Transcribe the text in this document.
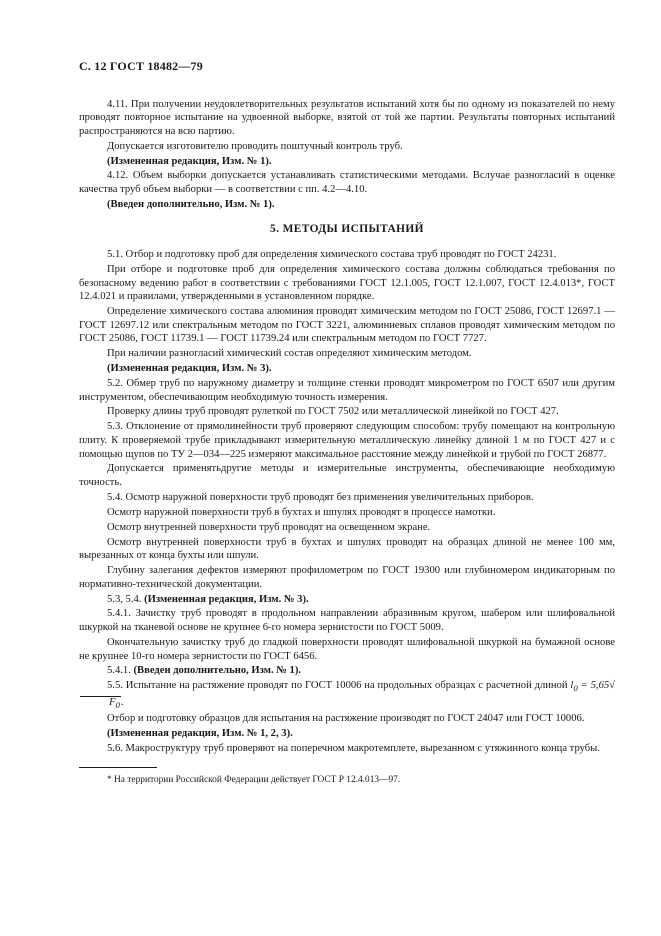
С. 12 ГОСТ 18482—79

4.11. При получении неудовлетворительных результатов испытаний хотя бы по одному из показателей по нему проводят повторное испытание на удвоенной выборке, взятой от той же партии. Результаты повторных испытаний распространяются на всю партию.

Допускается изготовителю проводить поштучный контроль труб.

(Измененная редакция, Изм. № 1).

4.12. Объем выборки допускается устанавливать статистическими методами. Вслучае разногласий в оценке качества труб объем выборки — в соответствии с пп. 4.2—4.10.

(Введен дополнительно, Изм. № 1).

5. МЕТОДЫ ИСПЫТАНИЙ

5.1. Отбор и подготовку проб для определения химического состава труб проводят по ГОСТ 24231.

При отборе и подготовке проб для определения химического состава должны соблюдаться требования по безопасному ведению работ в соответствии с требованиями ГОСТ 12.1.005, ГОСТ 12.1.007, ГОСТ 12.4.013*, ГОСТ 12.4.021 и правилами, утвержденными в установленном порядке.

Определение химического состава алюминия проводят химическим методом по ГОСТ 25086, ГОСТ 12697.1 — ГОСТ 12697.12 или спектральным методом по ГОСТ 3221, алюминиевых сплавов проводят химическим методом по ГОСТ 25086, ГОСТ 11739.1 — ГОСТ 11739.24 или спектральным методом по ГОСТ 7727.

При наличии разногласий химический состав определяют химическим методом.

(Измененная редакция, Изм. № 3).

5.2. Обмер труб по наружному диаметру и толщине стенки проводят микрометром по ГОСТ 6507 или другим инструментом, обеспечивающим необходимую точность измерения.

Проверку длины труб проводят рулеткой по ГОСТ 7502 или металлической линейкой по ГОСТ 427.

5.3. Отклонение от прямолинейности труб проверяют следующим способом: трубу помещают на контрольную плиту. К проверяемой трубе прикладывают измерительную металлическую линейку длиной 1 м по ГОСТ 427 и с помощью щупов по ТУ 2—034—225 измеряют максимальное расстояние между линейкой и трубой по ГОСТ 26877.

Допускается применятьдругие методы и измерительные инструменты, обеспечивающие необходимую точность.

5.4. Осмотр наружной поверхности труб проводят без применения увеличительных приборов.

Осмотр наружной поверхности труб в бухтах и шпулях проводят в процессе намотки.

Осмотр внутренней поверхности труб проводят на освещенном экране.

Осмотр внутренней поверхности труб в бухтах и шпулях проводят на образцах длиной не менее 100 мм, вырезанных от конца бухты или шпули.

Глубину залегания дефектов измеряют профилометром по ГОСТ 19300 или глубиномером индикаторным по нормативно-технической документации.

5.3, 5.4. (Измененная редакция, Изм. № 3).

5.4.1. Зачистку труб проводят в продольном направлении абразивным кругом, шабером или шлифовальной шкуркой на тканевой основе не крупнее 6-го номера зернистости по ГОСТ 5009.

Окончательную зачистку труб до гладкой поверхности проводят шлифовальной шкуркой на бумажной основе не крупнее 10-го номера зернистости по ГОСТ 6456.

5.4.1. (Введен дополнительно, Изм. № 1).

5.5. Испытание на растяжение проводят по ГОСТ 10006 на продольных образцах с расчетной длиной $l_0 = 5,65√F_0$.

Отбор и подготовку образцов для испытания на растяжение производят по ГОСТ 24047 или ГОСТ 10006.

(Измененная редакция, Изм. № 1, 2, 3).

5.6. Макроструктуру труб проверяют на поперечном макротемплете, вырезанном с утяжинного конца трубы.

* На территории Российской Федерации действует ГОСТ Р 12.4.013—97.
